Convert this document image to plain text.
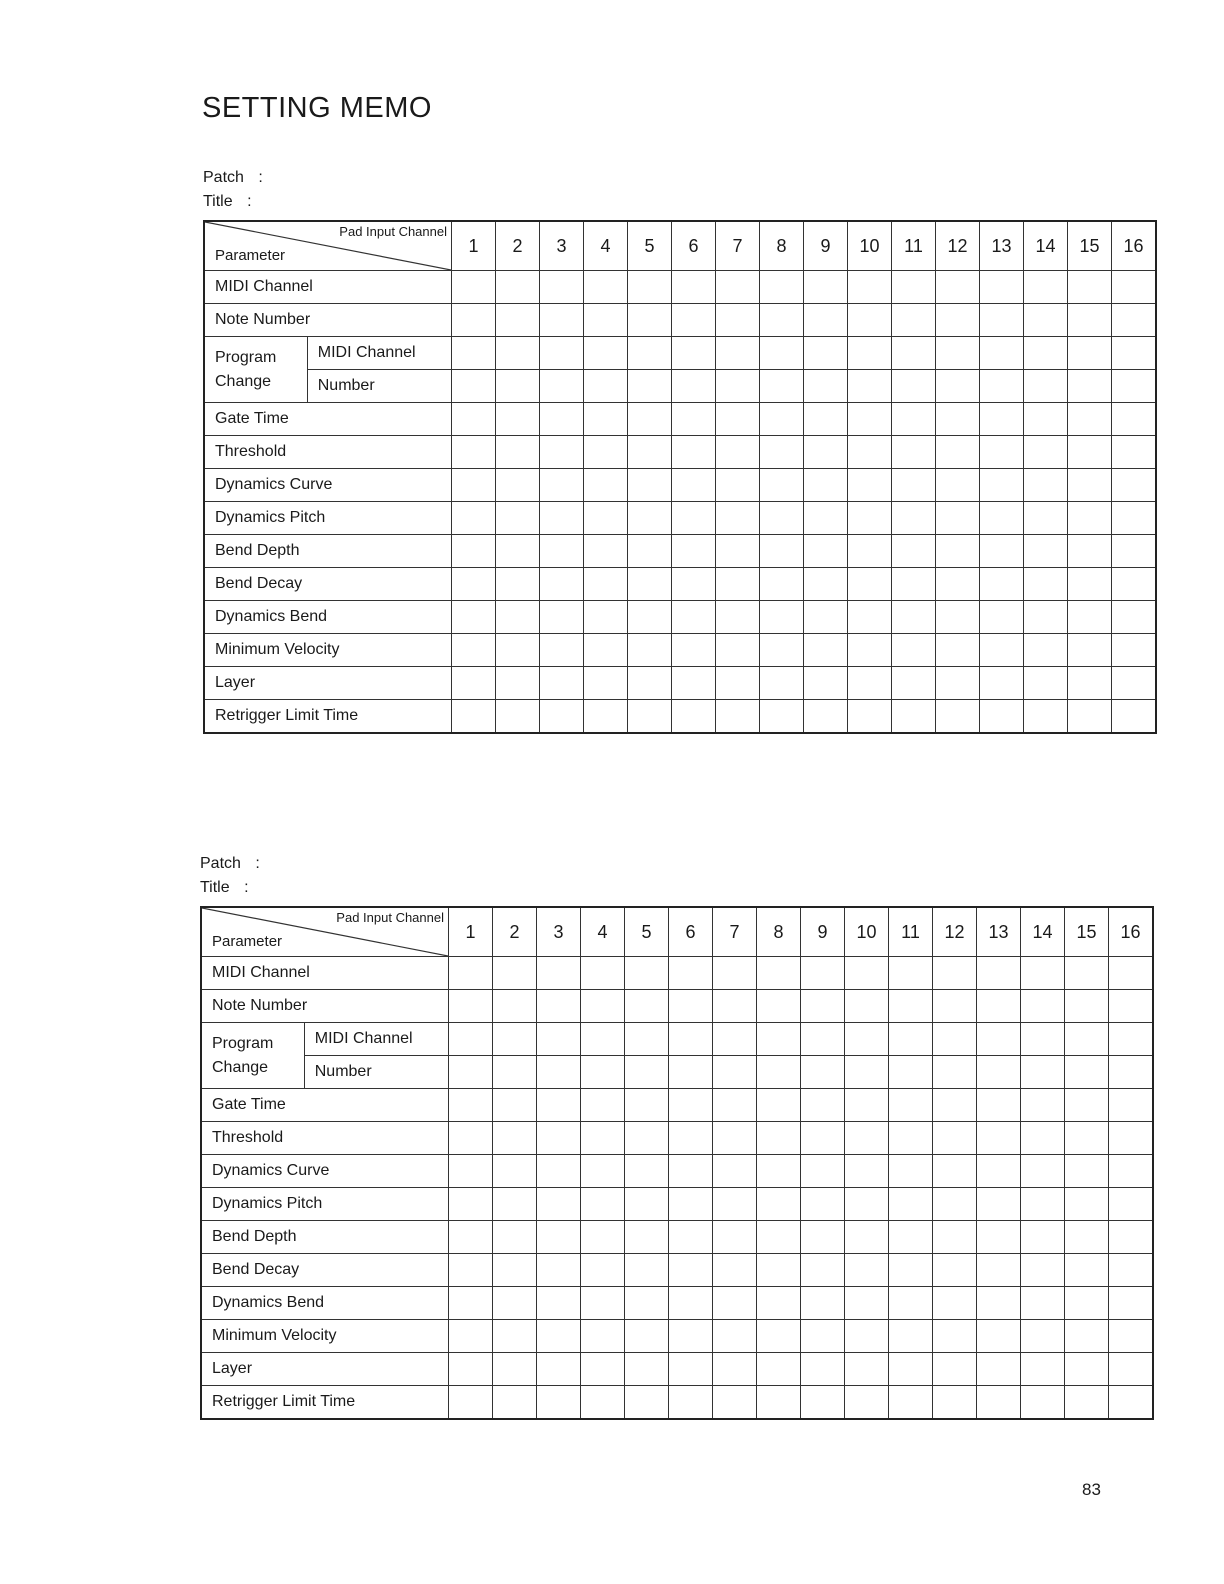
SETTING MEMO
Patch :
Title :
Pad Input Channel
Parameter		1	2	3	4	5	6	7	8	9	10	11	12	13	14	15	16
MIDI Channel																	
Note Number																	
Program
Change	MIDI Channel																
	Number																
Gate Time																	
Threshold																	
Dynamics Curve																	
Dynamics Pitch																	
Bend Depth																	
Bend Decay																	
Dynamics Bend																	
Minimum Velocity																	
Layer																	
Retrigger Limit Time																	
Patch :
Title :
Pad Input Channel
Parameter		1	2	3	4	5	6	7	8	9	10	11	12	13	14	15	16
MIDI Channel																	
Note Number																	
Program
Change	MIDI Channel																
	Number																
Gate Time																	
Threshold																	
Dynamics Curve																	
Dynamics Pitch																	
Bend Depth																	
Bend Decay																	
Dynamics Bend																	
Minimum Velocity																	
Layer																	
Retrigger Limit Time																	
83
